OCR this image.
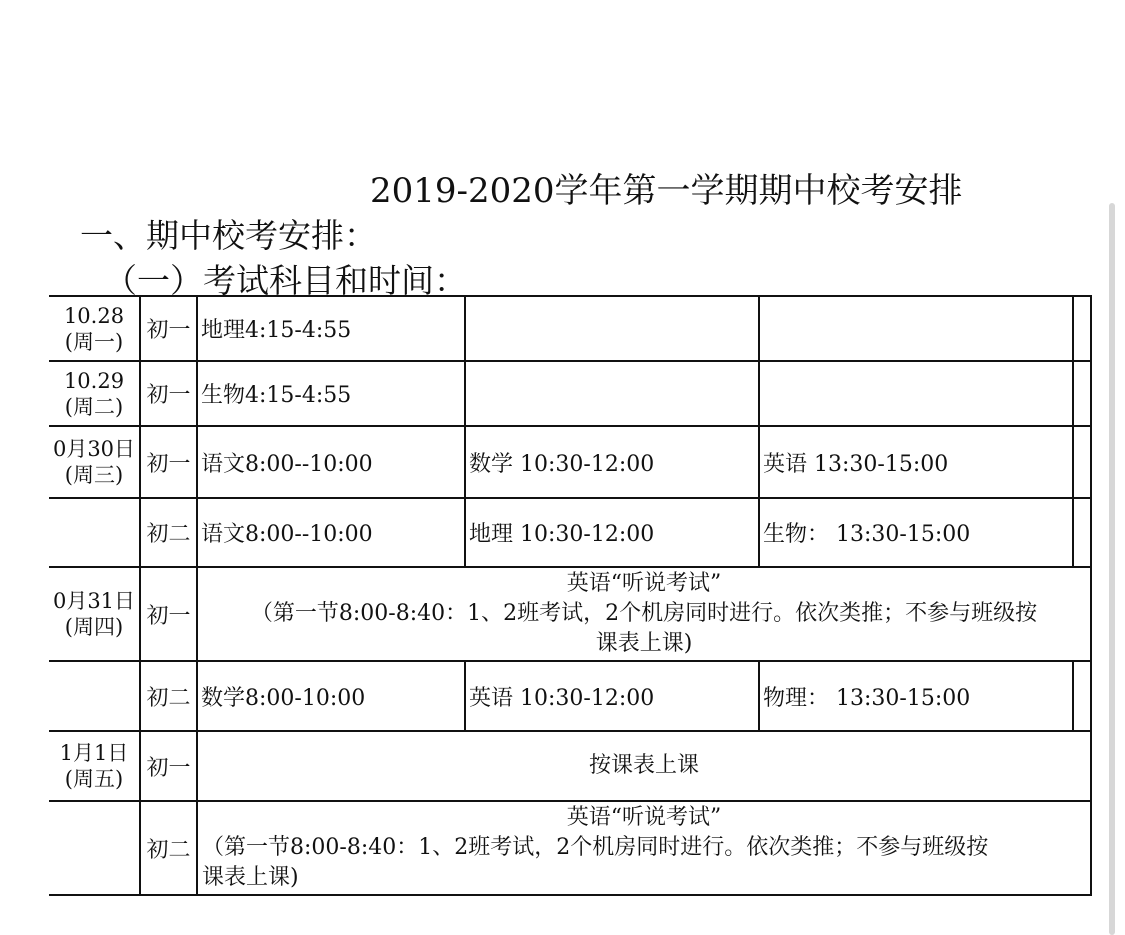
2019-2020学年第一学期期中校考安排
一、期中校考安排：
（一）考试科目和时间：
10.28
(周一)	初一	地理4:15-4:55			
10.29
(周二)	初一	生物4:15-4:55			
0月30日
(周三)	初一	语文8:00--10:00	数学 10:30-12:00	英语 13:30-15:00	
	初二	语文8:00--10:00	地理 10:30-12:00	生物： 13:30-15:00	
0月31日
(周四)	初一	英语“听说考试”
（第一节8:00-8:40：1、2班考试，2个机房同时进行。依次类推；不参与班级按
课表上课)			

	初二	数学8:00-10:00	英语 10:30-12:00	物理： 13:30-15:00	
1月1日
(周五)	初一	按课表上课			
	初二	英语“听说考试”
（第一节8:00-8:40：1、2班考试，2个机房同时进行。依次类推；不参与班级按
课表上课)			
